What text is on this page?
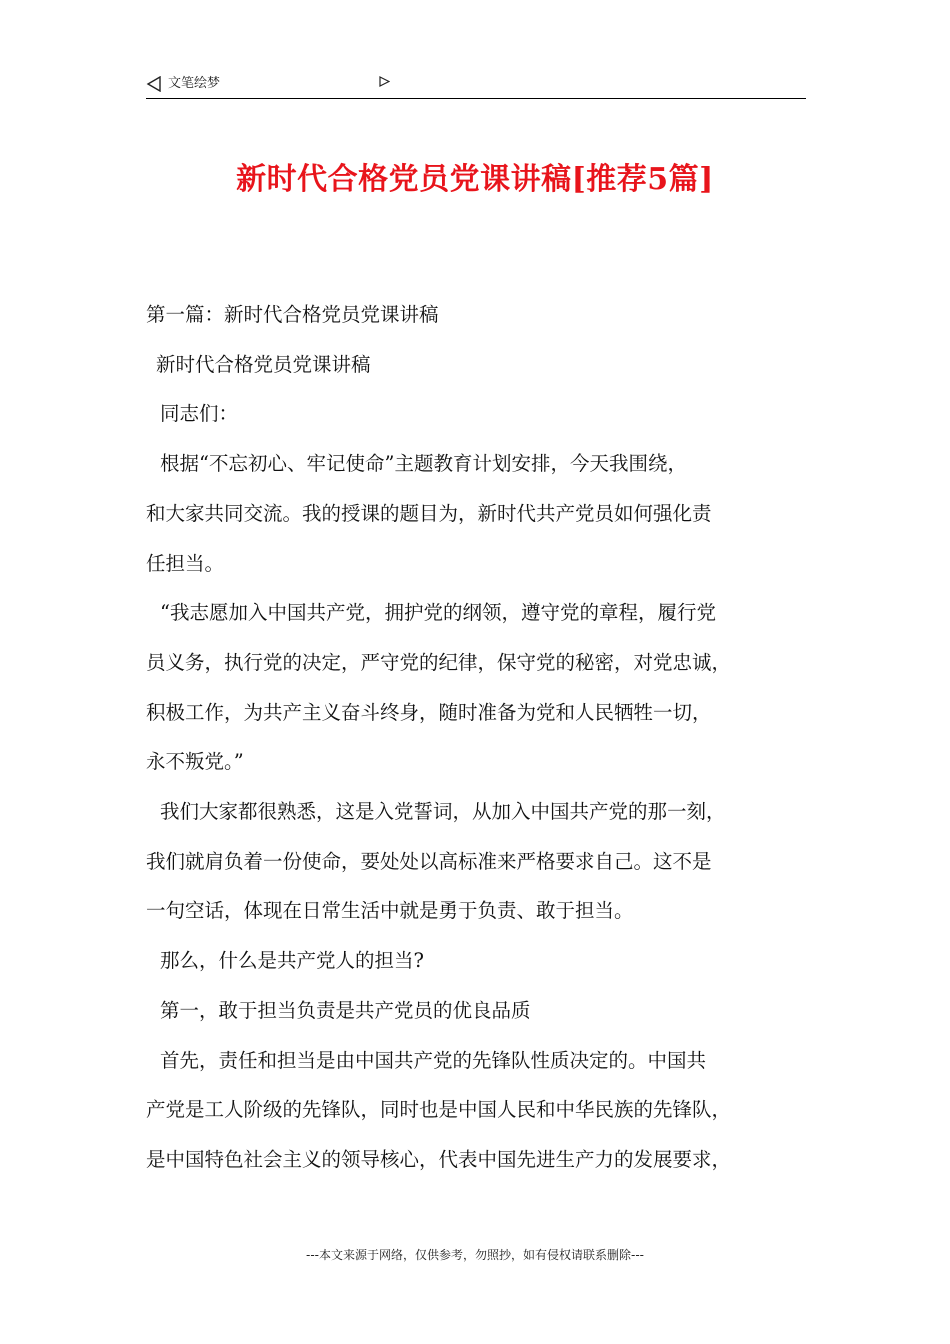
文笔绘梦
新时代合格党员党课讲稿[推荐5篇]

第一篇：新时代合格党员党课讲稿

新时代合格党员党课讲稿

同志们：

根据“不忘初心、牢记使命”主题教育计划安排，今天我围绕，

和大家共同交流。我的授课的题目为，新时代共产党员如何强化责

任担当。

“我志愿加入中国共产党，拥护党的纲领，遵守党的章程，履行党

员义务，执行党的决定，严守党的纪律，保守党的秘密，对党忠诚，

积极工作，为共产主义奋斗终身，随时准备为党和人民牺牲一切，

永不叛党。”

我们大家都很熟悉，这是入党誓词，从加入中国共产党的那一刻，

我们就肩负着一份使命，要处处以高标准来严格要求自己。这不是

一句空话，体现在日常生活中就是勇于负责、敢于担当。

那么，什么是共产党人的担当?

第一，敢于担当负责是共产党员的优良品质

首先，责任和担当是由中国共产党的先锋队性质决定的。中国共

产党是工人阶级的先锋队，同时也是中国人民和中华民族的先锋队，

是中国特色社会主义的领导核心，代表中国先进生产力的发展要求，

---本文来源于网络，仅供参考，勿照抄，如有侵权请联系删除---
